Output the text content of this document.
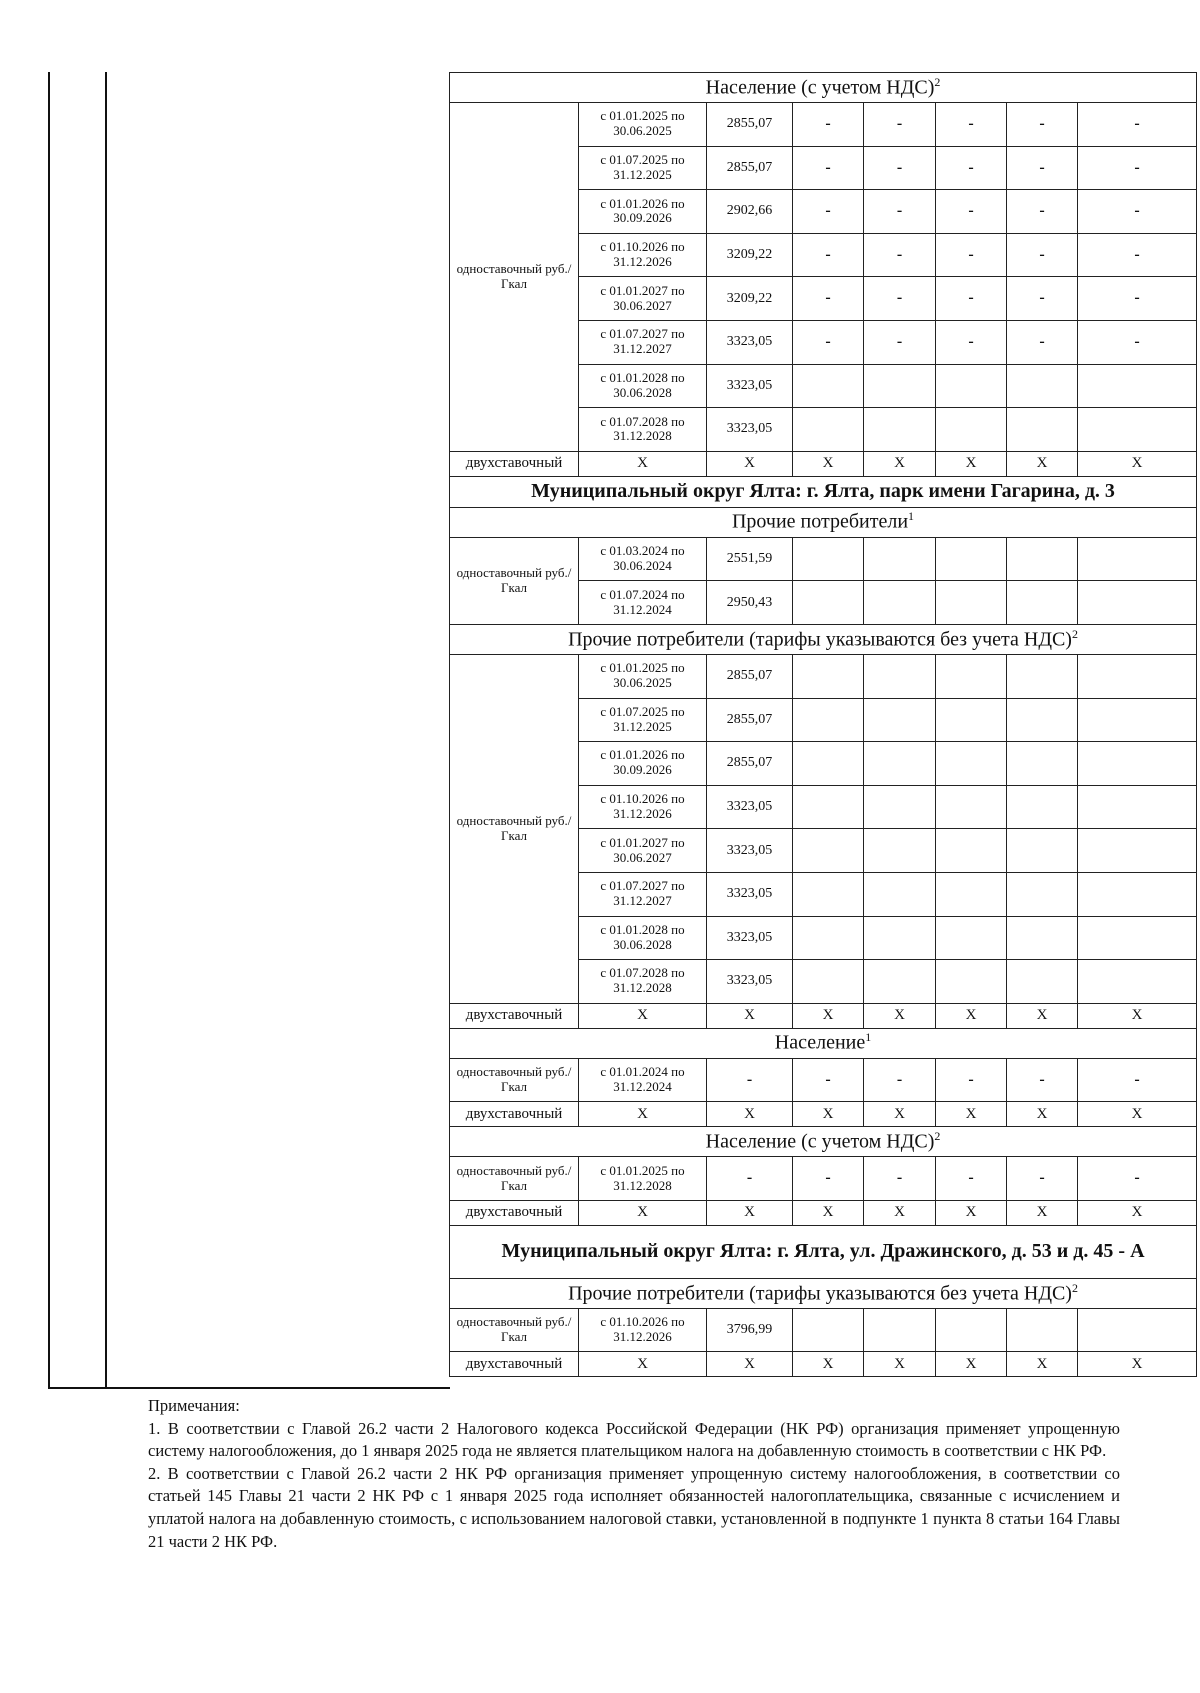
Население (с учетом НДС)$^2$
одноставочный руб./Гкал	с 01.01.2025 по 30.06.2025	2855,07	-	-	-	-	-
	с 01.07.2025 по 31.12.2025	2855,07	-	-	-	-	-
	с 01.01.2026 по 30.09.2026	2902,66	-	-	-	-	-
	с 01.10.2026 по 31.12.2026	3209,22	-	-	-	-	-
	с 01.01.2027 по 30.06.2027	3209,22	-	-	-	-	-
	с 01.07.2027 по 31.12.2027	3323,05	-	-	-	-	-
	с 01.01.2028 по 30.06.2028	3323,05					
	с 01.07.2028 по 31.12.2028	3323,05					
двухставочный	X	X	X	X	X	X	X
Муниципальный округ Ялта: г. Ялта, парк имени Гагарина, д. 3							
Прочие потребители$^1$
одноставочный руб./Гкал	с 01.03.2024 по 30.06.2024	2551,59					
	с 01.07.2024 по 31.12.2024	2950,43					
Прочие потребители (тарифы указываются без учета НДС)$^2$
одноставочный руб./Гкал	с 01.01.2025 по 30.06.2025	2855,07					
	с 01.07.2025 по 31.12.2025	2855,07					
	с 01.01.2026 по 30.09.2026	2855,07					
	с 01.10.2026 по 31.12.2026	3323,05					
	с 01.01.2027 по 30.06.2027	3323,05					
	с 01.07.2027 по 31.12.2027	3323,05					
	с 01.01.2028 по 30.06.2028	3323,05					
	с 01.07.2028 по 31.12.2028	3323,05					
двухставочный	X	X	X	X	X	X	X
Население$^1$
одноставочный руб./Гкал	с 01.01.2024 по 31.12.2024	-	-	-	-	-	-
двухставочный	X	X	X	X	X	X	X
Население (с учетом НДС)$^2$
одноставочный руб./Гкал	с 01.01.2025 по 31.12.2028	-	-	-	-	-	-
двухставочный	X	X	X	X	X	X	X
Муниципальный округ Ялта: г. Ялта, ул. Дражинского, д. 53 и д. 45 - А							
Прочие потребители (тарифы указываются без учета НДС)$^2$
одноставочный руб./Гкал	с 01.10.2026 по 31.12.2026	3796,99					
двухставочный	X	X	X	X	X	X	X

Примечания:

1. В соответствии с Главой 26.2 части 2 Налогового кодекса Российской Федерации (НК РФ) организация применяет упрощенную систему налогообложения, до 1 января 2025 года не является плательщиком налога на добавленную стоимость в соответствии с НК РФ.

2. В соответствии с Главой 26.2 части 2 НК РФ организация применяет упрощенную систему налогообложения, в соответствии со статьей 145 Главы 21 части 2 НК РФ с 1 января 2025 года исполняет обязанностей налогоплательщика, связанные с исчислением и уплатой налога на добавленную стоимость, с использованием налоговой ставки, установленной в подпункте 1 пункта 8 статьи 164 Главы 21 части 2 НК РФ.
